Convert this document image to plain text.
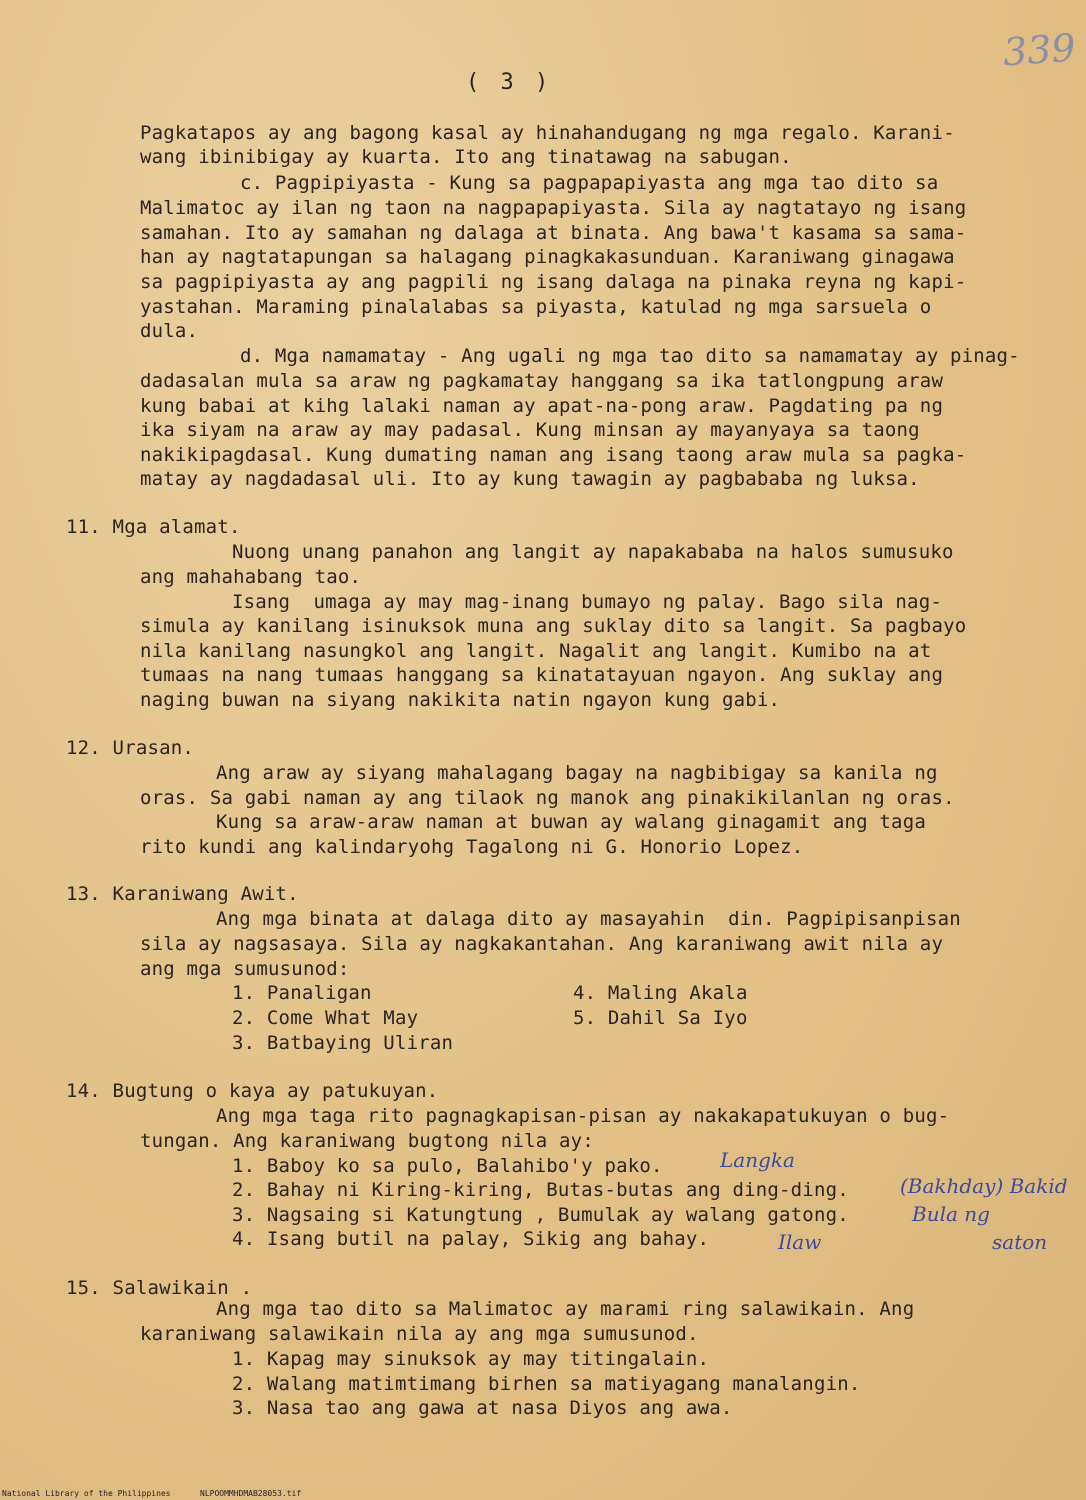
( 3 )
339
Pagkatapos ay ang bagong kasal ay hinahandugang ng mga regalo. Karani-
wang ibinibigay ay kuarta. Ito ang tinatawag na sabugan.
c. Pagpipiyasta - Kung sa pagpapapiyasta ang mga tao dito sa
Malimatoc ay ilan ng taon na nagpapapiyasta. Sila ay nagtatayo ng isang
samahan. Ito ay samahan ng dalaga at binata. Ang bawa't kasama sa sama-
han ay nagtatapungan sa halagang pinagkakasunduan. Karaniwang ginagawa
sa pagpipiyasta ay ang pagpili ng isang dalaga na pinaka reyna ng kapi-
yastahan. Maraming pinalalabas sa piyasta, katulad ng mga sarsuela o
dula.
d. Mga namamatay - Ang ugali ng mga tao dito sa namamatay ay pinag-
dadasalan mula sa araw ng pagkamatay hanggang sa ika tatlongpung araw
kung babai at kihg lalaki naman ay apat-na-pong araw. Pagdating pa ng
ika siyam na araw ay may padasal. Kung minsan ay mayanyaya sa taong
nakikipagdasal. Kung dumating naman ang isang taong araw mula sa pagka-
matay ay nagdadasal uli. Ito ay kung tawagin ay pagbababa ng luksa.
11. Mga alamat.
Nuong unang panahon ang langit ay napakababa na halos sumusuko
ang mahahabang tao.
Isang  umaga ay may mag-inang bumayo ng palay. Bago sila nag-
simula ay kanilang isinuksok muna ang suklay dito sa langit. Sa pagbayo
nila kanilang nasungkol ang langit. Nagalit ang langit. Kumibo na at
tumaas na nang tumaas hanggang sa kinatatayuan ngayon. Ang suklay ang
naging buwan na siyang nakikita natin ngayon kung gabi.
12. Urasan.
Ang araw ay siyang mahalagang bagay na nagbibigay sa kanila ng
oras. Sa gabi naman ay ang tilaok ng manok ang pinakikilanlan ng oras.
Kung sa araw-araw naman at buwan ay walang ginagamit ang taga
rito kundi ang kalindaryohg Tagalong ni G. Honorio Lopez.
13. Karaniwang Awit.
Ang mga binata at dalaga dito ay masayahin  din. Pagpipisanpisan
sila ay nagsasaya. Sila ay nagkakantahan. Ang karaniwang awit nila ay
ang mga sumusunod:
1. Panaligan
2. Come What May
3. Batbaying Uliran
4. Maling Akala
5. Dahil Sa Iyo
14. Bugtung o kaya ay patukuyan.
Ang mga taga rito pagnagkapisan-pisan ay nakakapatukuyan o bug-
tungan. Ang karaniwang bugtong nila ay:
1. Baboy ko sa pulo, Balahibo'y pako.
2. Bahay ni Kiring-kiring, Butas-butas ang ding-ding.
3. Nagsaing si Katungtung , Bumulak ay walang gatong.
4. Isang butil na palay, Sikig ang bahay.
Langka
(Bakhday) Bakid
Bula ng
saton
Ilaw
15. Salawikain .
Ang mga tao dito sa Malimatoc ay marami ring salawikain. Ang
karaniwang salawikain nila ay ang mga sumusunod.
1. Kapag may sinuksok ay may titingalain.
2. Walang matimtimang birhen sa matiyagang manalangin.
3. Nasa tao ang gawa at nasa Diyos ang awa.
National Library of the Philippines	NLPOOMMHDMAB28053.tif
